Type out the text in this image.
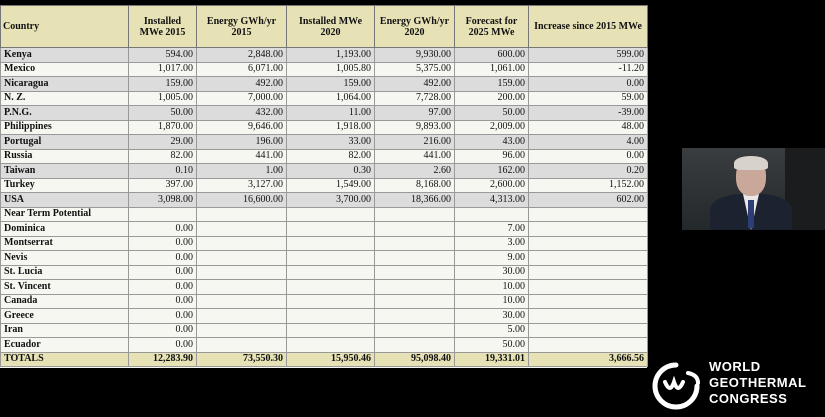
Country	Installed MWe 2015	Energy GWh/yr 2015	Installed MWe 2020	Energy GWh/yr 2020	Forecast for 2025 MWe	Increase since 2015 MWe
Kenya	594.00	2,848.00	1,193.00	9,930.00	600.00	599.00
Mexico	1,017.00	6,071.00	1,005.80	5,375.00	1,061.00	-11.20
Nicaragua	159.00	492.00	159.00	492.00	159.00	0.00
N. Z.	1,005.00	7,000.00	1,064.00	7,728.00	200.00	59.00
P.N.G.	50.00	432.00	11.00	97.00	50.00	-39.00
Philippines	1,870.00	9,646.00	1,918.00	9,893.00	2,009.00	48.00
Portugal	29.00	196.00	33.00	216.00	43.00	4.00
Russia	82.00	441.00	82.00	441.00	96.00	0.00
Taiwan	0.10	1.00	0.30	2.60	162.00	0.20
Turkey	397.00	3,127.00	1,549.00	8,168.00	2,600.00	1,152.00
USA	3,098.00	16,600.00	3,700.00	18,366.00	4,313.00	602.00
Near Term Potential						
Dominica	0.00				7.00	
Montserrat	0.00				3.00	
Nevis	0.00				9.00	
St. Lucia	0.00				30.00	
St. Vincent	0.00				10.00	
Canada	0.00				10.00	
Greece	0.00				30.00	
Iran	0.00				5.00	
Ecuador	0.00				50.00	
TOTALS	12,283.90	73,550.30	15,950.46	95,098.40	19,331.01	3,666.56
WORLD
GEOTHERMAL
CONGRESS
